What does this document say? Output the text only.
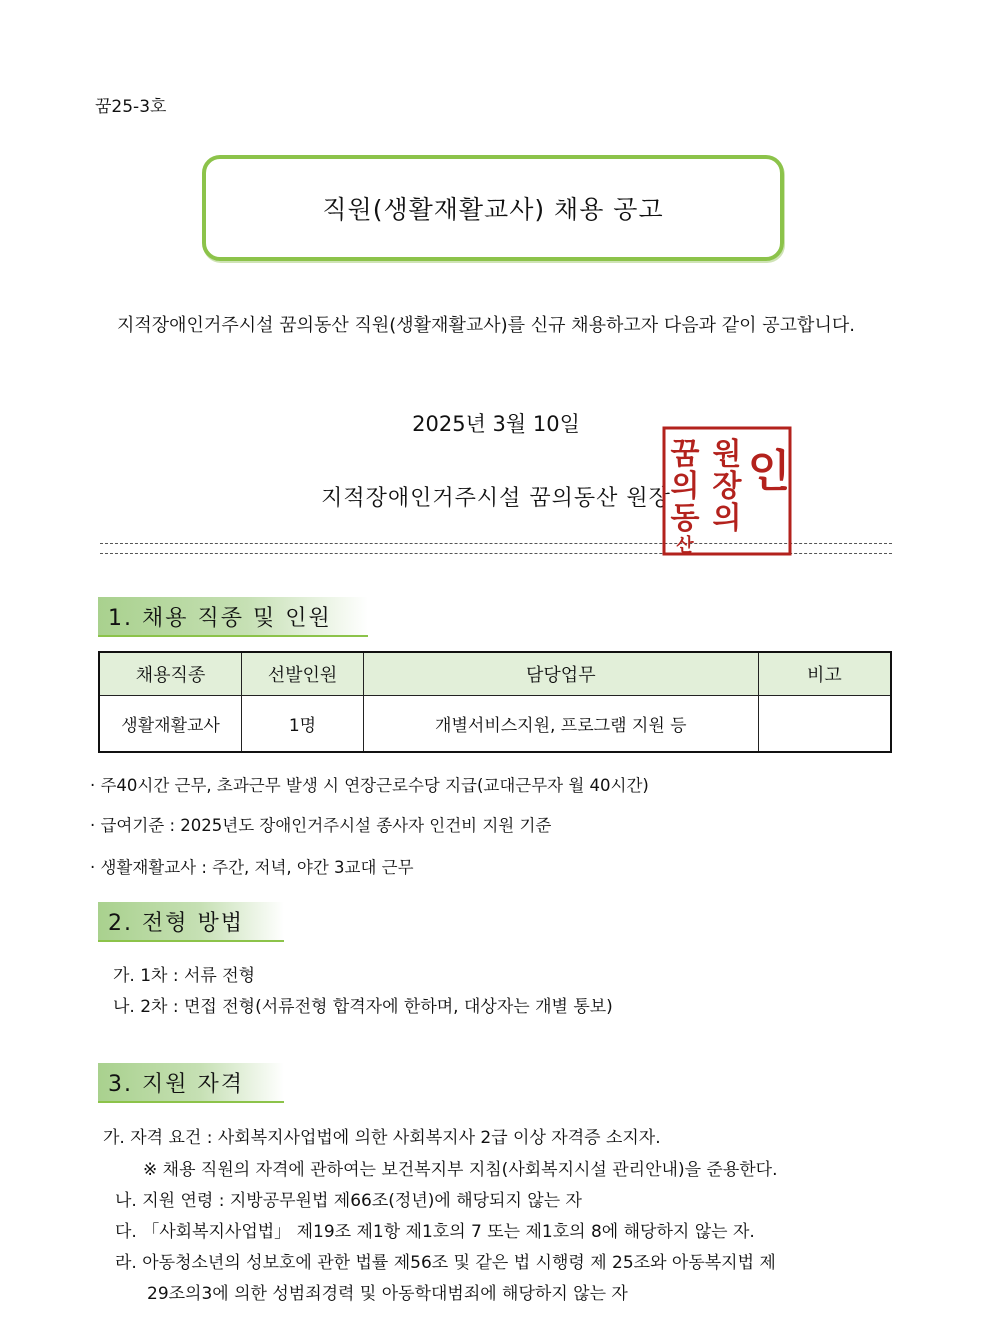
꿈25-3호
직원(생활재활교사) 채용 공고
지적장애인거주시설 꿈의동산 직원(생활재활교사)를 신규 채용하고자 다음과 같이 공고합니다.
2025년 3월 10일
지적장애인거주시설 꿈의동산 원장
꿈
의
동
산
원
장
의
인
1. 채용 직종 및 인원
채용직종	선발인원	담당업무	비고
생활재활교사	1명	개별서비스지원, 프로그램 지원 등	
· 주40시간 근무, 초과근무 발생 시 연장근로수당 지급(교대근무자 월 40시간)
· 급여기준 : 2025년도 장애인거주시설 종사자 인건비 지원 기준
· 생활재활교사 : 주간, 저녁, 야간 3교대 근무
2. 전형 방법
가. 1차 : 서류 전형
나. 2차 : 면접 전형(서류전형 합격자에 한하며, 대상자는 개별 통보)
3. 지원 자격
가. 자격 요건 : 사회복지사업법에 의한 사회복지사 2급 이상 자격증 소지자.
※ 채용 직원의 자격에 관하여는 보건복지부 지침(사회복지시설 관리안내)을 준용한다.
나. 지원 연령 : 지방공무원법 제66조(정년)에 해당되지 않는 자
다. 「사회복지사업법」 제19조 제1항 제1호의 7 또는 제1호의 8에 해당하지 않는 자.
라. 아동청소년의 성보호에 관한 법률 제56조 및 같은 법 시행령 제 25조와 아동복지법 제
29조의3에 의한 성범죄경력 및 아동학대범죄에 해당하지 않는 자
